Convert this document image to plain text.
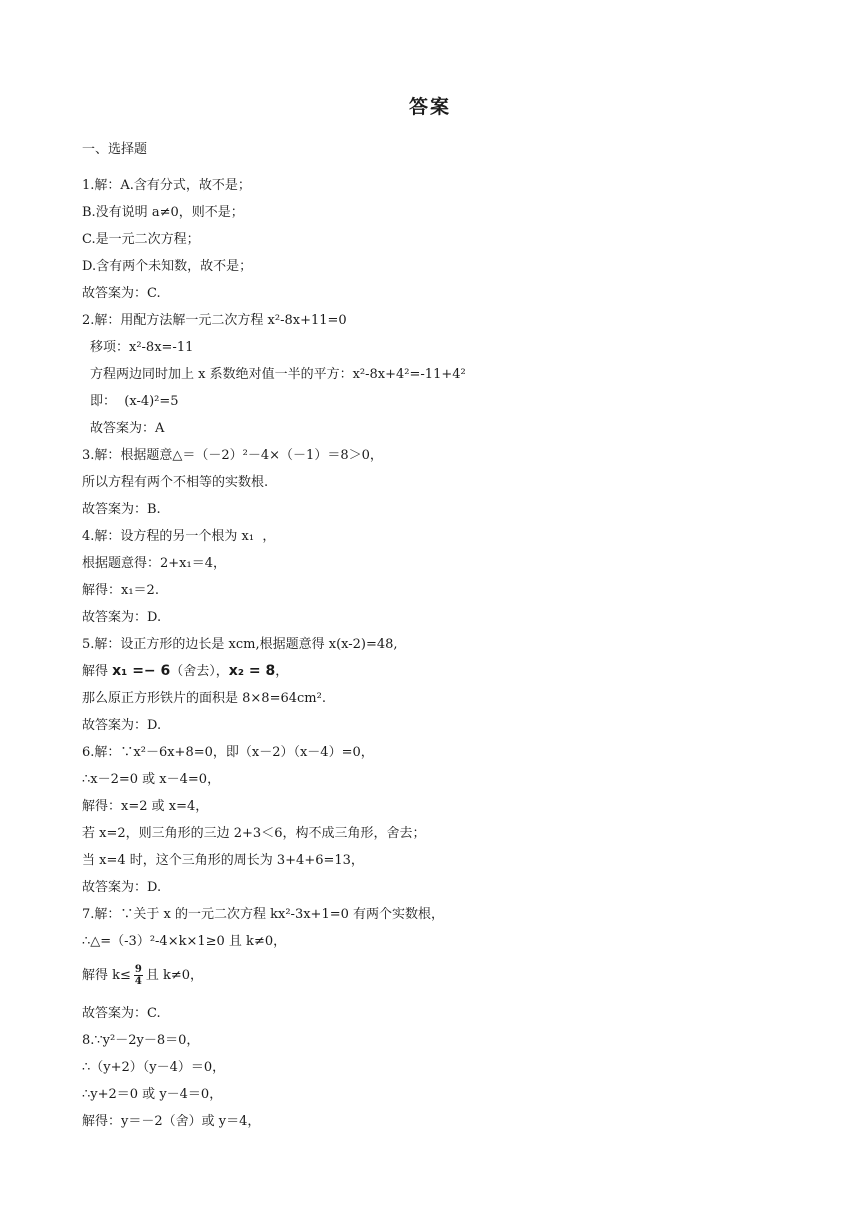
答案
一、选择题
1.解：A.含有分式，故不是；
B.没有说明 a≠0，则不是；
C.是一元二次方程；
D.含有两个未知数，故不是；
故答案为：C.
2.解：用配方法解一元二次方程 x²-8x+11=0
移项：x²-8x=-11
方程两边同时加上 x 系数绝对值一半的平方：x²-8x+4²=-11+4²
即：  (x-4)²=5
故答案为：A
3.解：根据题意△＝（－2）²－4×（－1）＝8＞0，
所以方程有两个不相等的实数根.
故答案为：B.
4.解：设方程的另一个根为 x₁  ，
根据题意得：2+x₁＝4，
解得：x₁＝2.
故答案为：D.
5.解：设正方形的边长是 xcm,根据题意得 x(x-2)=48,
解得 x₁ =− 6（舍去），x₂ = 8，
那么原正方形铁片的面积是 8×8=64cm².
故答案为：D.
6.解：∵x²－6x+8=0，即（x－2）（x－4）=0，
∴x－2=0 或 x－4=0，
解得：x=2 或 x=4，
若 x=2，则三角形的三边 2+3＜6，构不成三角形，舍去；
当 x=4 时，这个三角形的周长为 3+4+6=13，
故答案为：D.
7.解：∵关于 x 的一元二次方程 kx²-3x+1=0 有两个实数根，
∴△=（-3）²-4×k×1≥0 且 k≠0，
解得 $k\le \frac{9}{4}$ 且 k≠0，
故答案为：C.
8.∵y²－2y－8＝0，
∴（y+2）（y－4）＝0，
∴y+2＝0 或 y－4＝0，
解得：y＝－2（舍）或 y＝4，
